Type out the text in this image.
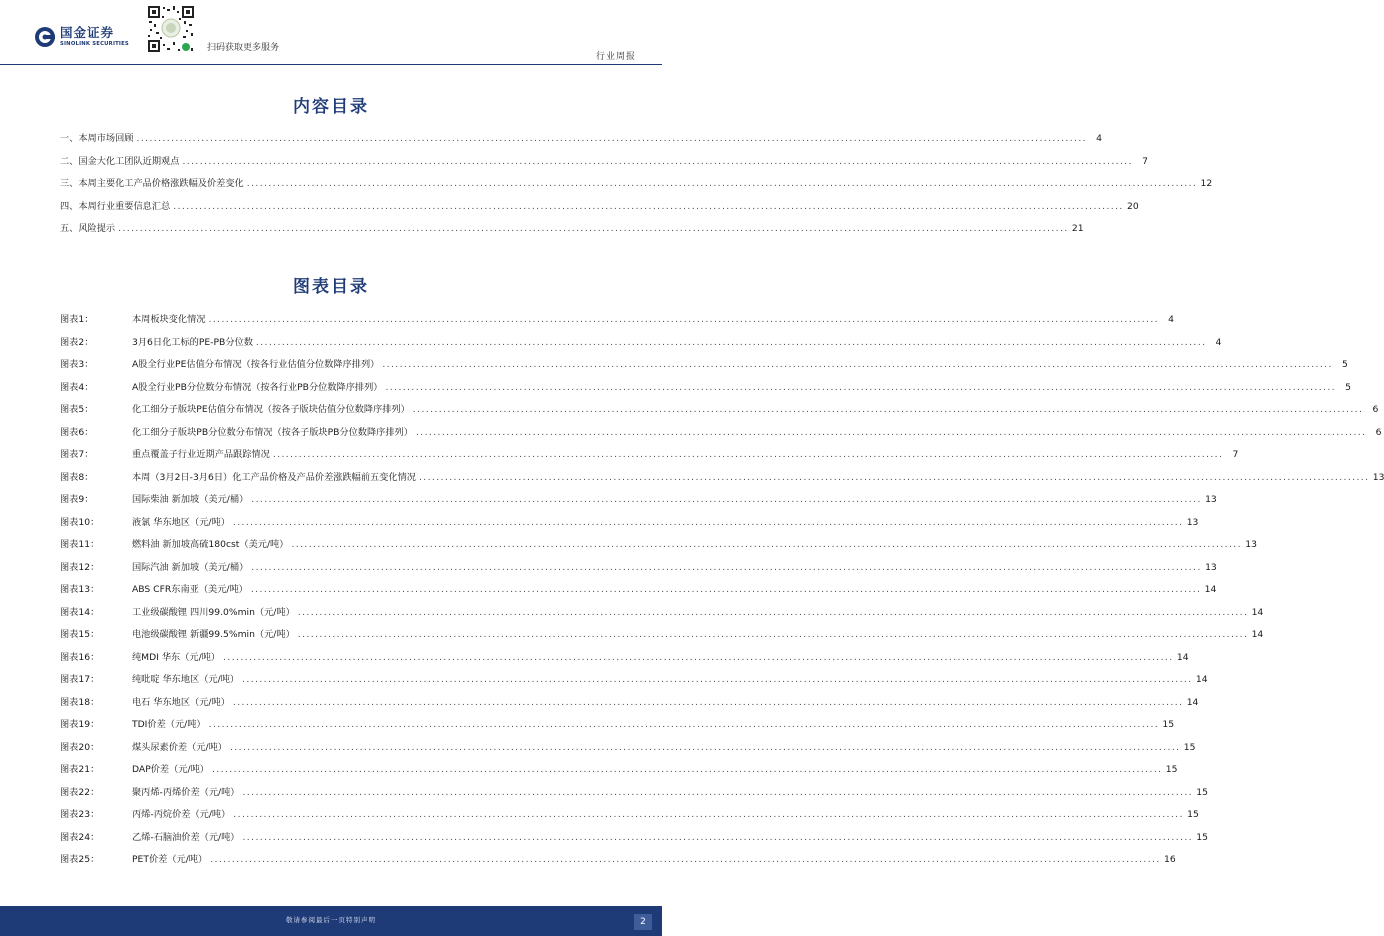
国金证券
SINOLINK SECURITIES	扫码获取更多服务
行业周报
内容目录
一、本周市场回顾 ............................................................................................................................................................................................................................ 4
二、国金大化工团队近期观点 ............................................................................................................................................................................................................................ 7
三、本周主要化工产品价格涨跌幅及价差变化 ............................................................................................................................................................................................................................ 12
四、本周行业重要信息汇总 ............................................................................................................................................................................................................................ 20
五、风险提示 ............................................................................................................................................................................................................................ 21
图表目录
图表1：	本周板块变化情况 ............................................................................................................................................................................................................................ 4
图表2：	3月6日化工标的PE-PB分位数 ............................................................................................................................................................................................................................ 4
图表3：	A股全行业PE估值分布情况（按各行业估值分位数降序排列） ............................................................................................................................................................................................................................ 5
图表4：	A股全行业PB分位数分布情况（按各行业PB分位数降序排列） ............................................................................................................................................................................................................................ 5
图表5：	化工细分子版块PE估值分布情况（按各子版块估值分位数降序排列） ............................................................................................................................................................................................................................ 6
图表6：	化工细分子版块PB分位数分布情况（按各子版块PB分位数降序排列） ............................................................................................................................................................................................................................ 6
图表7：	重点覆盖子行业近期产品跟踪情况 ............................................................................................................................................................................................................................ 7
图表8：	本周（3月2日-3月6日）化工产品价格及产品价差涨跌幅前五变化情况 ............................................................................................................................................................................................................................ 13
图表9：	国际柴油 新加坡（美元/桶） ............................................................................................................................................................................................................................ 13
图表10：	液氯 华东地区（元/吨） ............................................................................................................................................................................................................................ 13
图表11：	燃料油 新加坡高硫180cst（美元/吨） ............................................................................................................................................................................................................................ 13
图表12：	国际汽油 新加坡（美元/桶） ............................................................................................................................................................................................................................ 13
图表13：	ABS CFR东南亚（美元/吨） ............................................................................................................................................................................................................................ 14
图表14：	工业级碳酸锂 四川99.0%min（元/吨） ............................................................................................................................................................................................................................ 14
图表15：	电池级碳酸锂 新疆99.5%min（元/吨） ............................................................................................................................................................................................................................ 14
图表16：	纯MDI 华东（元/吨） ............................................................................................................................................................................................................................ 14
图表17：	纯吡啶 华东地区（元/吨） ............................................................................................................................................................................................................................ 14
图表18：	电石 华东地区（元/吨） ............................................................................................................................................................................................................................ 14
图表19：	TDI价差（元/吨） ............................................................................................................................................................................................................................ 15
图表20：	煤头尿素价差（元/吨） ............................................................................................................................................................................................................................ 15
图表21：	DAP价差（元/吨） ............................................................................................................................................................................................................................ 15
图表22：	聚丙烯-丙烯价差（元/吨） ............................................................................................................................................................................................................................ 15
图表23：	丙烯-丙烷价差（元/吨） ............................................................................................................................................................................................................................ 15
图表24：	乙烯-石脑油价差（元/吨） ............................................................................................................................................................................................................................ 15
图表25：	PET价差（元/吨） ............................................................................................................................................................................................................................ 16
敬请参阅最后一页特别声明	2
